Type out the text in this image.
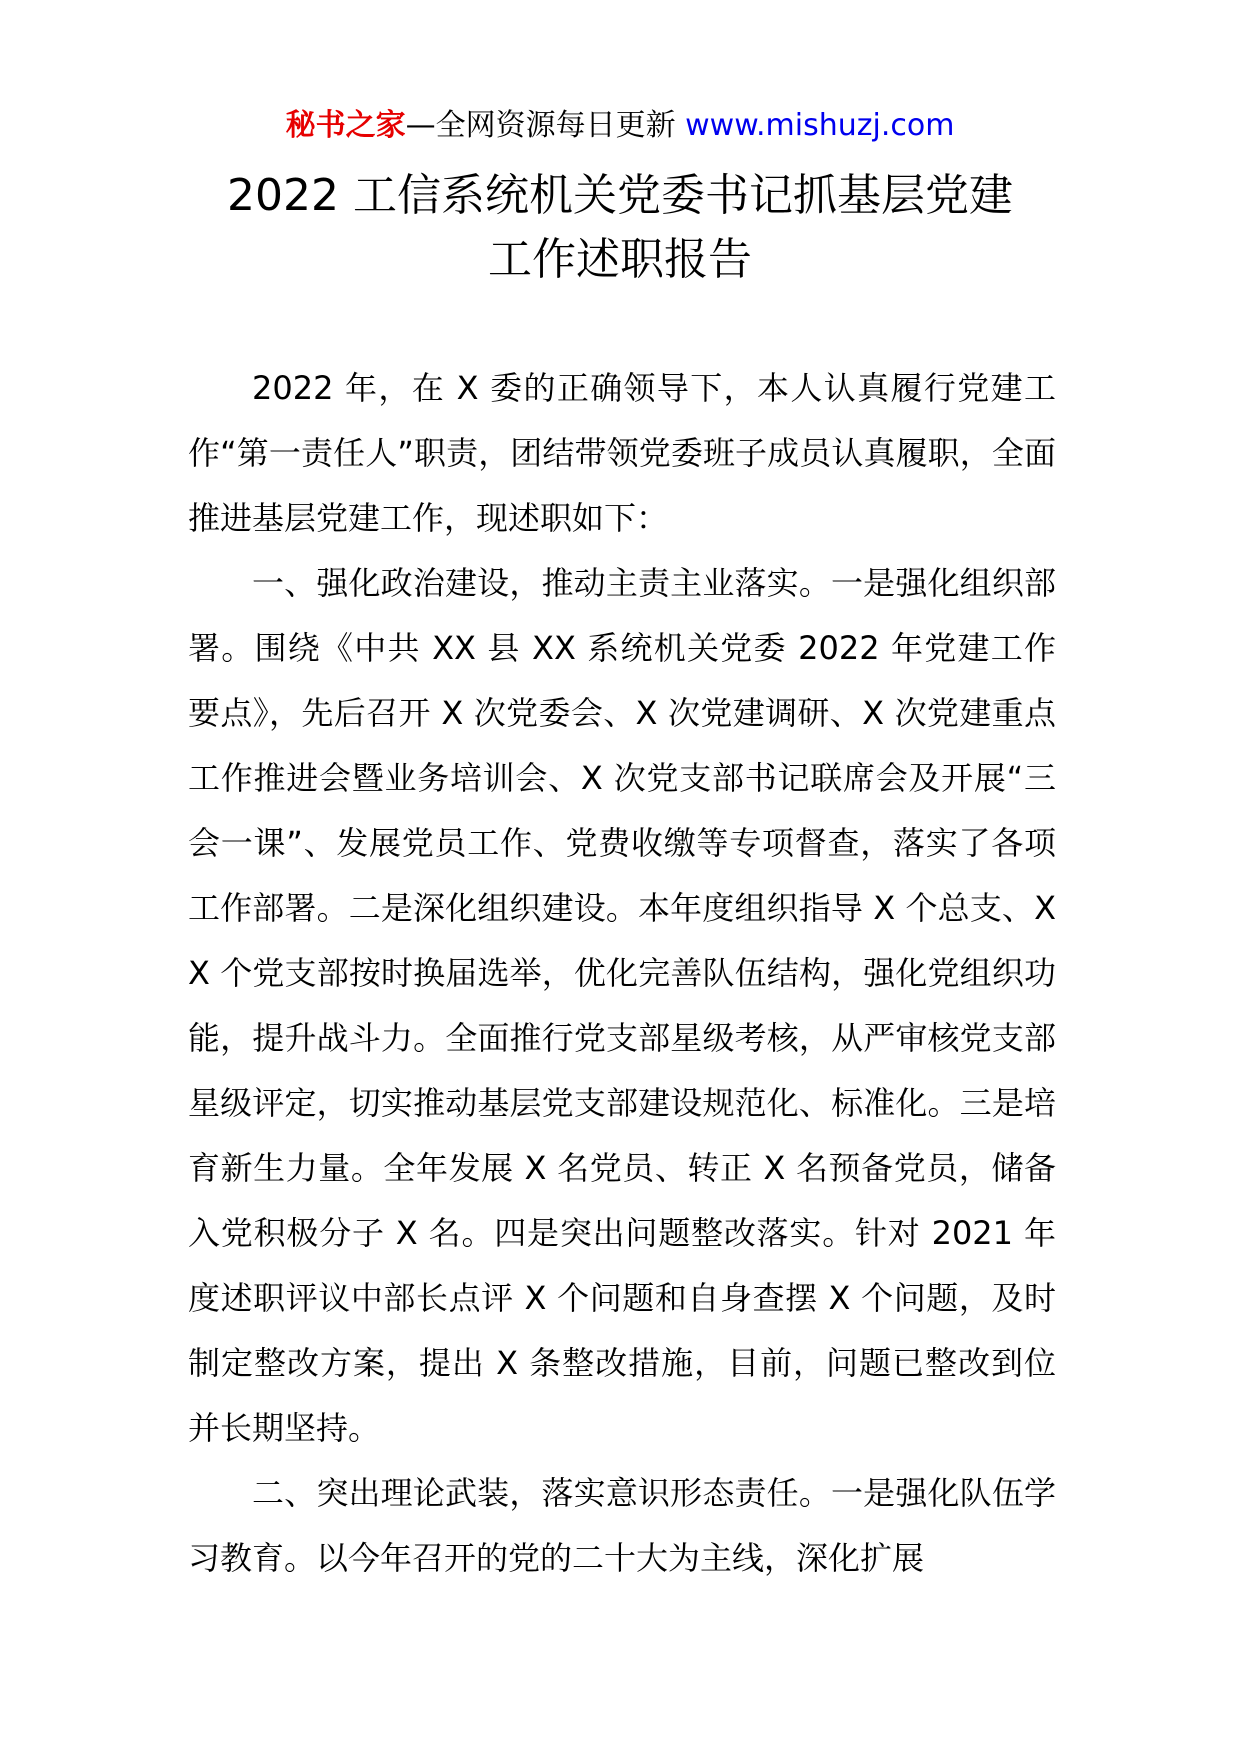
秘书之家—全网资源每日更新 www.mishuzj.com
2022 工信系统机关党委书记抓基层党建
工作述职报告

2022 年，在 X 委的正确领导下，本人认真履行党建工作“第一责任人”职责，团结带领党委班子成员认真履职，全面推进基层党建工作，现述职如下：

一、强化政治建设，推动主责主业落实。一是强化组织部署。围绕《中共 XX 县 XX 系统机关党委 2022 年党建工作要点》，先后召开 X 次党委会、X 次党建调研、X 次党建重点工作推进会暨业务培训会、X 次党支部书记联席会及开展“三会一课”、发展党员工作、党费收缴等专项督查，落实了各项工作部署。二是深化组织建设。本年度组织指导 X 个总支、XX 个党支部按时换届选举，优化完善队伍结构，强化党组织功能，提升战斗力。全面推行党支部星级考核，从严审核党支部星级评定，切实推动基层党支部建设规范化、标准化。三是培育新生力量。全年发展 X 名党员、转正 X 名预备党员，储备入党积极分子 X 名。四是突出问题整改落实。针对 2021 年度述职评议中部长点评 X 个问题和自身查摆 X 个问题，及时制定整改方案，提出 X 条整改措施，目前，问题已整改到位并长期坚持。

二、突出理论武装，落实意识形态责任。一是强化队伍学习教育。以今年召开的党的二十大为主线，深化扩展
